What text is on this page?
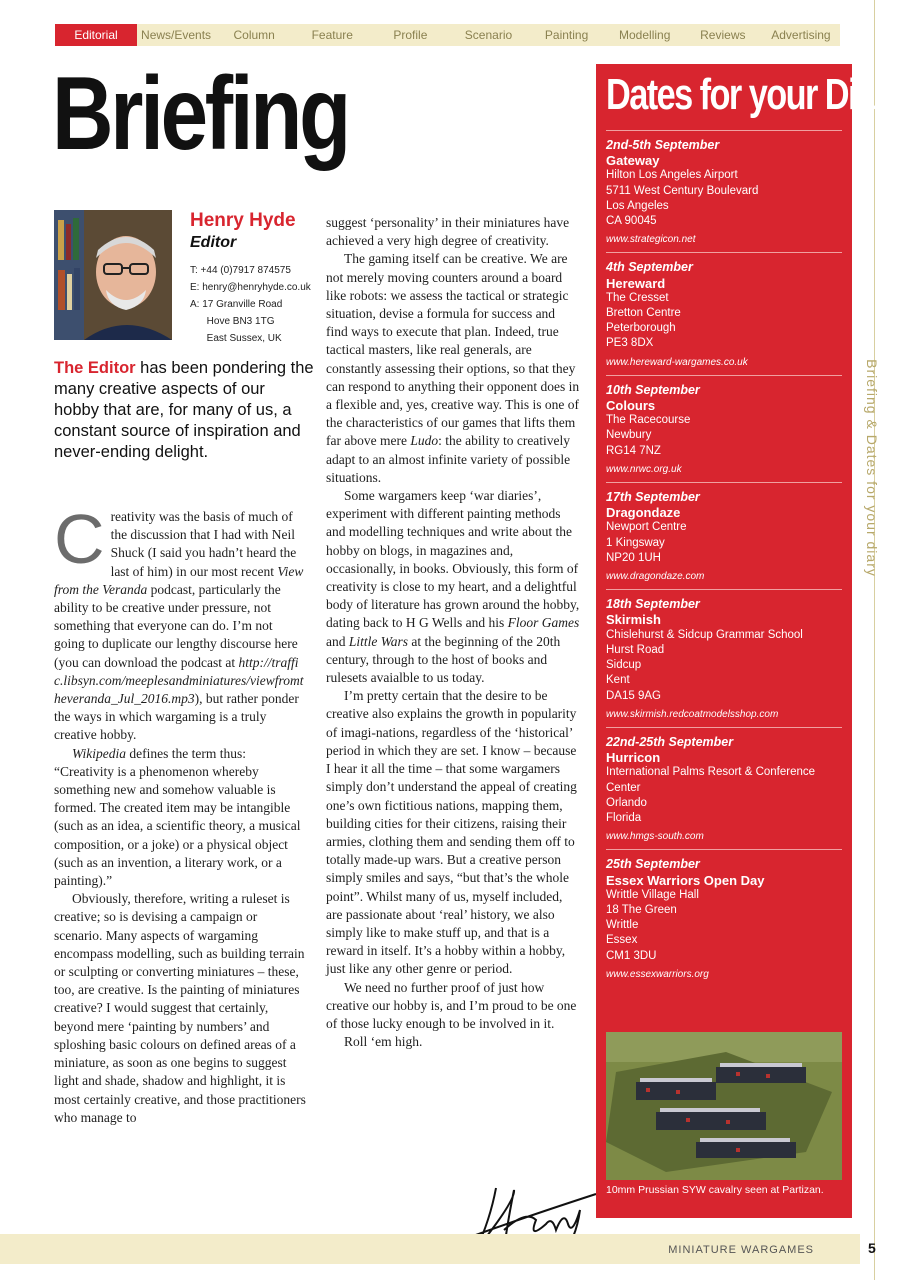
Editorial	News/Events	Column	Feature	Profile	Scenario	Painting	Modelling	Reviews	Advertising
Briefing & Dates for your diary
Briefing
Henry Hyde
Editor
T: +44 (0)7917 874575
E: henry@henryhyde.co.uk
A: 17 Granville Road
Hove BN3 1TG
East Sussex, UK
The Editor has been pondering the many creative aspects of our hobby that are, for many of us, a constant source of inspiration and never-ending delight.

Creativity was the basis of much of the discussion that I had with Neil Shuck (I said you hadn’t heard the last of him) in our most recent View from the Veranda podcast, particularly the ability to be creative under pressure, not something that everyone can do. I’m not going to duplicate our lengthy discourse here (you can download the podcast at http://traffic.libsyn.com/meeplesandminiatures/viewfromtheveranda_Jul_2016.mp3), but rather ponder the ways in which wargaming is a truly creative hobby.

Wikipedia defines the term thus: “Creativity is a phenomenon whereby something new and somehow valuable is formed. The created item may be intangible (such as an idea, a scientific theory, a musical composition, or a joke) or a physical object (such as an invention, a literary work, or a painting).”

Obviously, therefore, writing a ruleset is creative; so is devising a campaign or scenario. Many aspects of wargaming encompass modelling, such as building terrain or sculpting or converting miniatures – these, too, are creative. Is the painting of miniatures creative? I would suggest that certainly, beyond mere ‘painting by numbers’ and sploshing basic colours on defined areas of a miniature, as soon as one begins to suggest light and shade, shadow and highlight, it is most certainly creative, and those practitioners who manage to

suggest ‘personality’ in their miniatures have achieved a very high degree of creativity.

The gaming itself can be creative. We are not merely moving counters around a board like robots: we assess the tactical or strategic situation, devise a formula for success and find ways to execute that plan. Indeed, true tactical masters, like real generals, are constantly assessing their options, so that they can respond to anything their opponent does in a flexible and, yes, creative way. This is one of the characteristics of our games that lifts them far above mere Ludo: the ability to creatively adapt to an almost infinite variety of possible situations.

Some wargamers keep ‘war diaries’, experiment with different painting methods and modelling techniques and write about the hobby on blogs, in magazines and, occasionally, in books. Obviously, this form of creativity is close to my heart, and a delightful body of literature has grown around the hobby, dating back to H G Wells and his Floor Games and Little Wars at the beginning of the 20th century, through to the host of books and rulesets avaialble to us today.

I’m pretty certain that the desire to be creative also explains the growth in popularity of imagi-nations, regardless of the ‘historical’ period in which they are set. I know – because I hear it all the time – that some wargamers simply don’t understand the appeal of creating one’s own fictitious nations, mapping them, building cities for their citizens, raising their armies, clothing them and sending them off to totally made-up wars. But a creative person simply smiles and says, “but that’s the whole point”. Whilst many of us, myself included, are passionate about ‘real’ history, we also simply like to make stuff up, and that is a reward in itself. It’s a hobby within a hobby, just like any other genre or period.

We need no further proof of just how creative our hobby is, and I’m proud to be one of those lucky enough to be involved in it.

Roll ‘em high.

Dates for your Diary
2nd-5th September
Gateway
Hilton Los Angeles Airport
5711 West Century Boulevard
Los Angeles
CA 90045
www.strategicon.net
4th September
Hereward
The Cresset
Bretton Centre
Peterborough
PE3 8DX
www.hereward-wargames.co.uk
10th September
Colours
The Racecourse
Newbury
RG14 7NZ
www.nrwc.org.uk
17th September
Dragondaze
Newport Centre
1 Kingsway
NP20 1UH
www.dragondaze.com
18th September
Skirmish
Chislehurst & Sidcup Grammar School
Hurst Road
Sidcup
Kent
DA15 9AG
www.skirmish.redcoatmodelsshop.com
22nd-25th September
Hurricon
International Palms Resort & Conference Center
Orlando
Florida
www.hmgs-south.com
25th September
Essex Warriors Open Day
Writtle Village Hall
18 The Green
Writtle
Essex
CM1 3DU
www.essexwarriors.org
10mm Prussian SYW cavalry seen at Partizan.
MINIATURE WARGAMES	5
